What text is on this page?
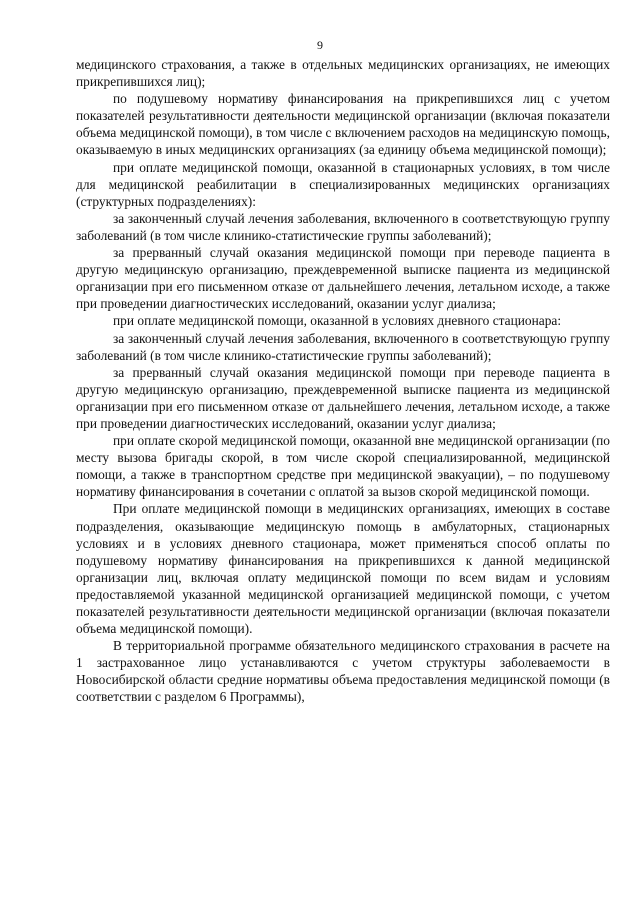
9

медицинского страхования, а также в отдельных медицинских организациях, не имеющих прикрепившихся лиц);

по подушевому нормативу финансирования на прикрепившихся лиц с учетом показателей результативности деятельности медицинской организации (включая показатели объема медицинской помощи), в том числе с включением расходов на медицинскую помощь, оказываемую в иных медицинских организациях (за единицу объема медицинской помощи);

при оплате медицинской помощи, оказанной в стационарных условиях, в том числе для медицинской реабилитации в специализированных медицинских организациях (структурных подразделениях):

за законченный случай лечения заболевания, включенного в соответствующую группу заболеваний (в том числе клинико-статистические группы заболеваний);

за прерванный случай оказания медицинской помощи при переводе пациента в другую медицинскую организацию, преждевременной выписке пациента из медицинской организации при его письменном отказе от дальнейшего лечения, летальном исходе, а также при проведении диагностических исследований, оказании услуг диализа;

при оплате медицинской помощи, оказанной в условиях дневного стационара:

за законченный случай лечения заболевания, включенного в соответствующую группу заболеваний (в том числе клинико-статистические группы заболеваний);

за прерванный случай оказания медицинской помощи при переводе пациента в другую медицинскую организацию, преждевременной выписке пациента из медицинской организации при его письменном отказе от дальнейшего лечения, летальном исходе, а также при проведении диагностических исследований, оказании услуг диализа;

при оплате скорой медицинской помощи, оказанной вне медицинской организации (по месту вызова бригады скорой, в том числе скорой специализированной, медицинской помощи, а также в транспортном средстве при медицинской эвакуации), – по подушевому нормативу финансирования в сочетании с оплатой за вызов скорой медицинской помощи.

При оплате медицинской помощи в медицинских организациях, имеющих в составе подразделения, оказывающие медицинскую помощь в амбулаторных, стационарных условиях и в условиях дневного стационара, может применяться способ оплаты по подушевому нормативу финансирования на прикрепившихся к данной медицинской организации лиц, включая оплату медицинской помощи по всем видам и условиям предоставляемой указанной медицинской организацией медицинской помощи, с учетом показателей результативности деятельности медицинской организации (включая показатели объема медицинской помощи).

В территориальной программе обязательного медицинского страхования в расчете на 1 застрахованное лицо устанавливаются с учетом структуры заболеваемости в Новосибирской области средние нормативы объема предоставления медицинской помощи (в соответствии с разделом 6 Программы),
